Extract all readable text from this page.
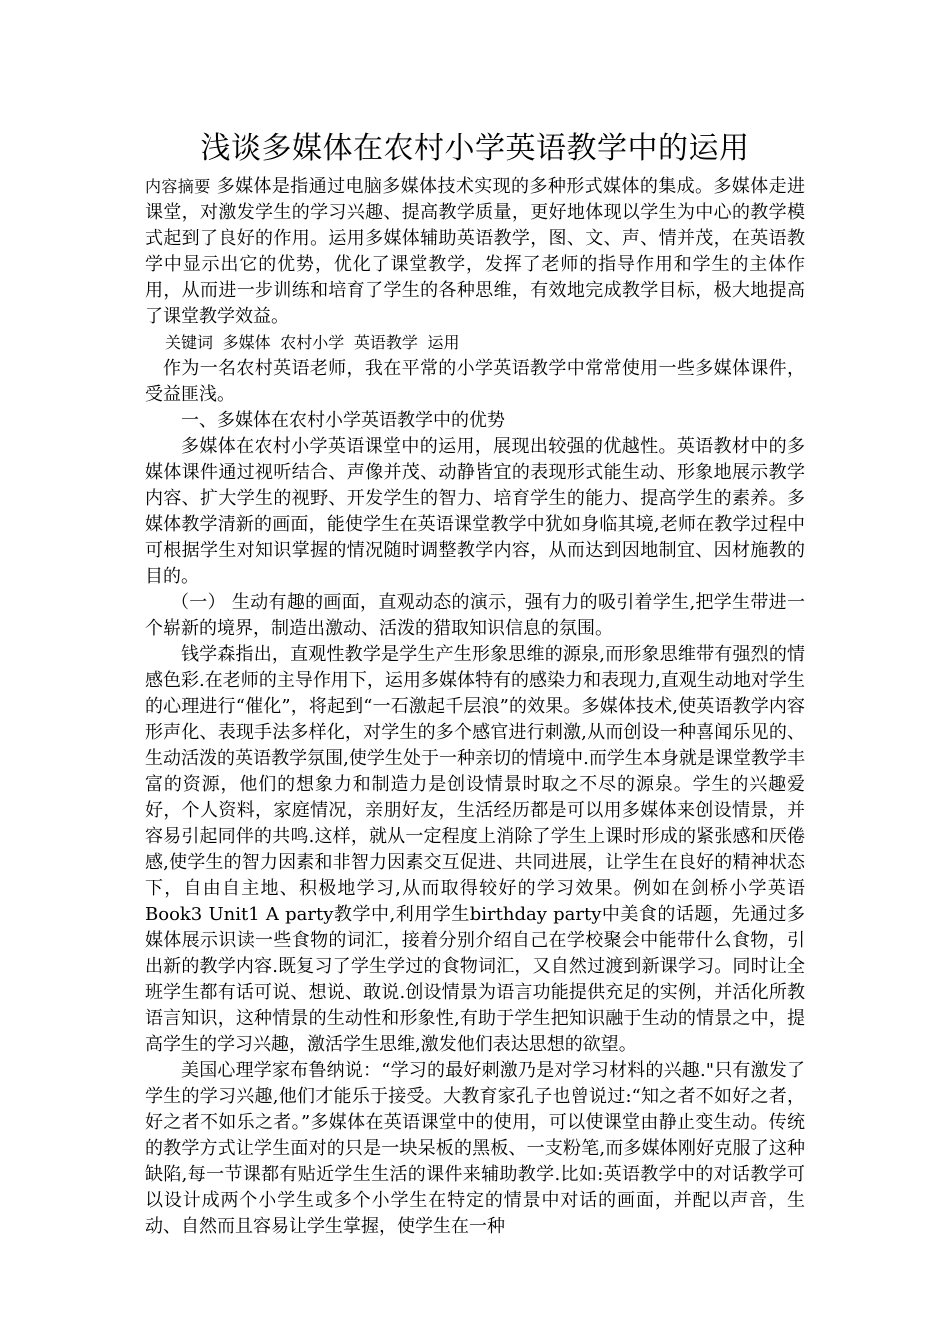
浅谈多媒体在农村小学英语教学中的运用

内容摘要 多媒体是指通过电脑多媒体技术实现的多种形式媒体的集成。多媒体走进课堂，对激发学生的学习兴趣、提高教学质量，更好地体现以学生为中心的教学模式起到了良好的作用。运用多媒体辅助英语教学，图、文、声、情并茂，在英语教学中显示出它的优势，优化了课堂教学，发挥了老师的指导作用和学生的主体作用，从而进一步训练和培育了学生的各种思维，有效地完成教学目标，极大地提高了课堂教学效益。

关键词 多媒体 农村小学 英语教学 运用

作为一名农村英语老师，我在平常的小学英语教学中常常使用一些多媒体课件，受益匪浅。

一、多媒体在农村小学英语教学中的优势

多媒体在农村小学英语课堂中的运用，展现出较强的优越性。英语教材中的多媒体课件通过视听结合、声像并茂、动静皆宜的表现形式能生动、形象地展示教学内容、扩大学生的视野、开发学生的智力、培育学生的能力、提高学生的素养。多媒体教学清新的画面，能使学生在英语课堂教学中犹如身临其境,老师在教学过程中可根据学生对知识掌握的情况随时调整教学内容，从而达到因地制宜、因材施教的目的。

（一） 生动有趣的画面，直观动态的演示，强有力的吸引着学生,把学生带进一个崭新的境界，制造出激动、活泼的猎取知识信息的氛围。

钱学森指出，直观性教学是学生产生形象思维的源泉,而形象思维带有强烈的情感色彩.在老师的主导作用下，运用多媒体特有的感染力和表现力,直观生动地对学生的心理进行“催化”，将起到“一石激起千层浪”的效果。多媒体技术,使英语教学内容形声化、表现手法多样化，对学生的多个感官进行刺激,从而创设一种喜闻乐见的、生动活泼的英语教学氛围,使学生处于一种亲切的情境中.而学生本身就是课堂教学丰富的资源，他们的想象力和制造力是创设情景时取之不尽的源泉。学生的兴趣爱好，个人资料，家庭情况，亲朋好友，生活经历都是可以用多媒体来创设情景，并容易引起同伴的共鸣.这样，就从一定程度上消除了学生上课时形成的紧张感和厌倦感,使学生的智力因素和非智力因素交互促进、共同进展，让学生在良好的精神状态下，自由自主地、积极地学习,从而取得较好的学习效果。例如在剑桥小学英语Book3 Unit1 A party教学中,利用学生birthday party中美食的话题，先通过多媒体展示识读一些食物的词汇，接着分别介绍自己在学校聚会中能带什么食物，引出新的教学内容.既复习了学生学过的食物词汇，又自然过渡到新课学习。同时让全班学生都有话可说、想说、敢说.创设情景为语言功能提供充足的实例，并活化所教语言知识，这种情景的生动性和形象性,有助于学生把知识融于生动的情景之中，提高学生的学习兴趣，激活学生思维,激发他们表达思想的欲望。

美国心理学家布鲁纳说：“学习的最好刺激乃是对学习材料的兴趣."只有激发了学生的学习兴趣,他们才能乐于接受。大教育家孔子也曾说过:“知之者不如好之者，好之者不如乐之者。”多媒体在英语课堂中的使用，可以使课堂由静止变生动。传统的教学方式让学生面对的只是一块呆板的黑板、一支粉笔,而多媒体刚好克服了这种缺陷,每一节课都有贴近学生生活的课件来辅助教学.比如:英语教学中的对话教学可以设计成两个小学生或多个小学生在特定的情景中对话的画面，并配以声音，生动、自然而且容易让学生掌握，使学生在一种
